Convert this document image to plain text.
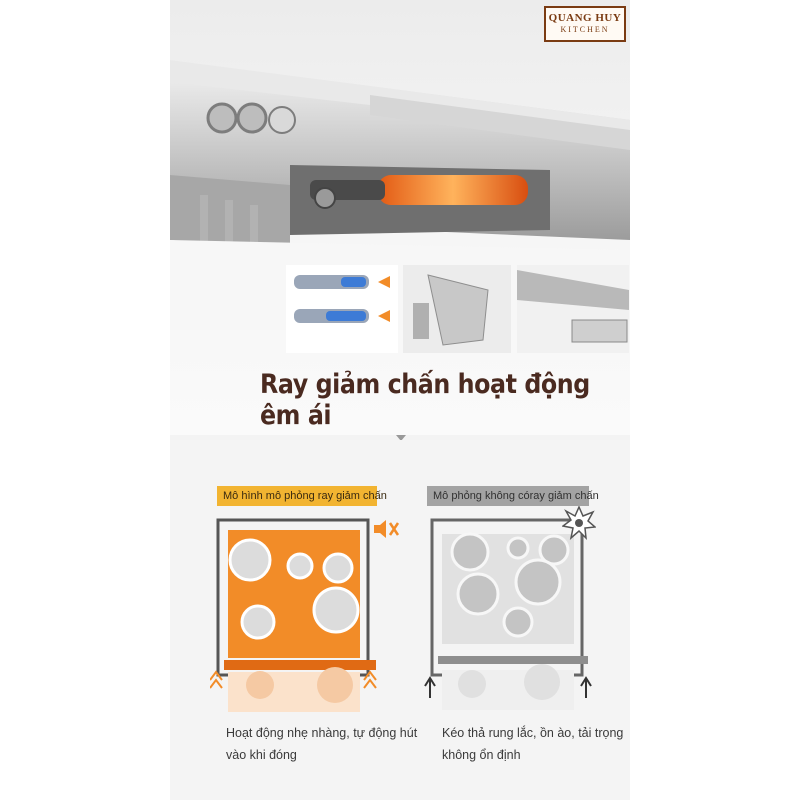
QUANG HUY
KITCHEN
Ray giảm chấn hoạt động êm ái
Mô hình mô phỏng ray giảm chấn	Mô phỏng không córay giảm chấn
Hoạt động nhẹ nhàng, tự động hút
vào khi đóng
Kéo thả rung lắc, ồn ào, tải trọng
không ổn định
